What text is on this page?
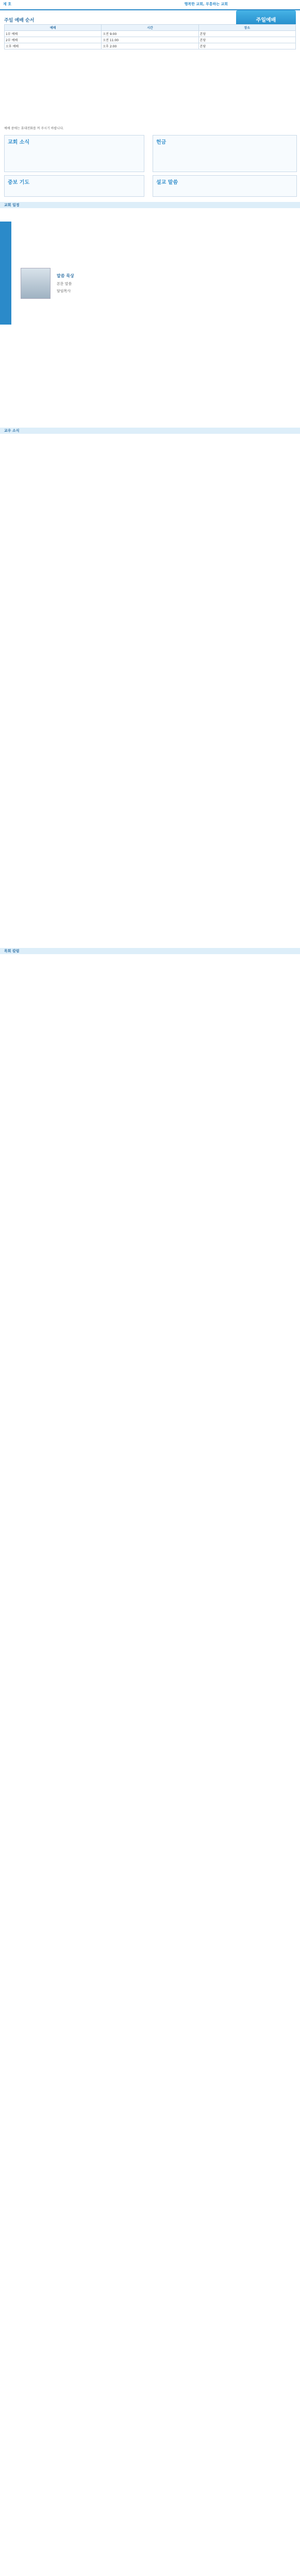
제 호	행복한 교회, 부흥하는 교회
주일예배
주일 예배 순서
예배	시간	장소
1부 예배	오전 9:00	본당
2부 예배	오전 11:00	본당
오후 예배	오후 2:00	본당
예배 중에는 휴대전화를 꺼 주시기 바랍니다.
교회 소식	헌금
중보 기도	설교 말씀
교회 일정
말씀 묵상
본문 말씀
담임목사
교우 소식
목회 칼럼
